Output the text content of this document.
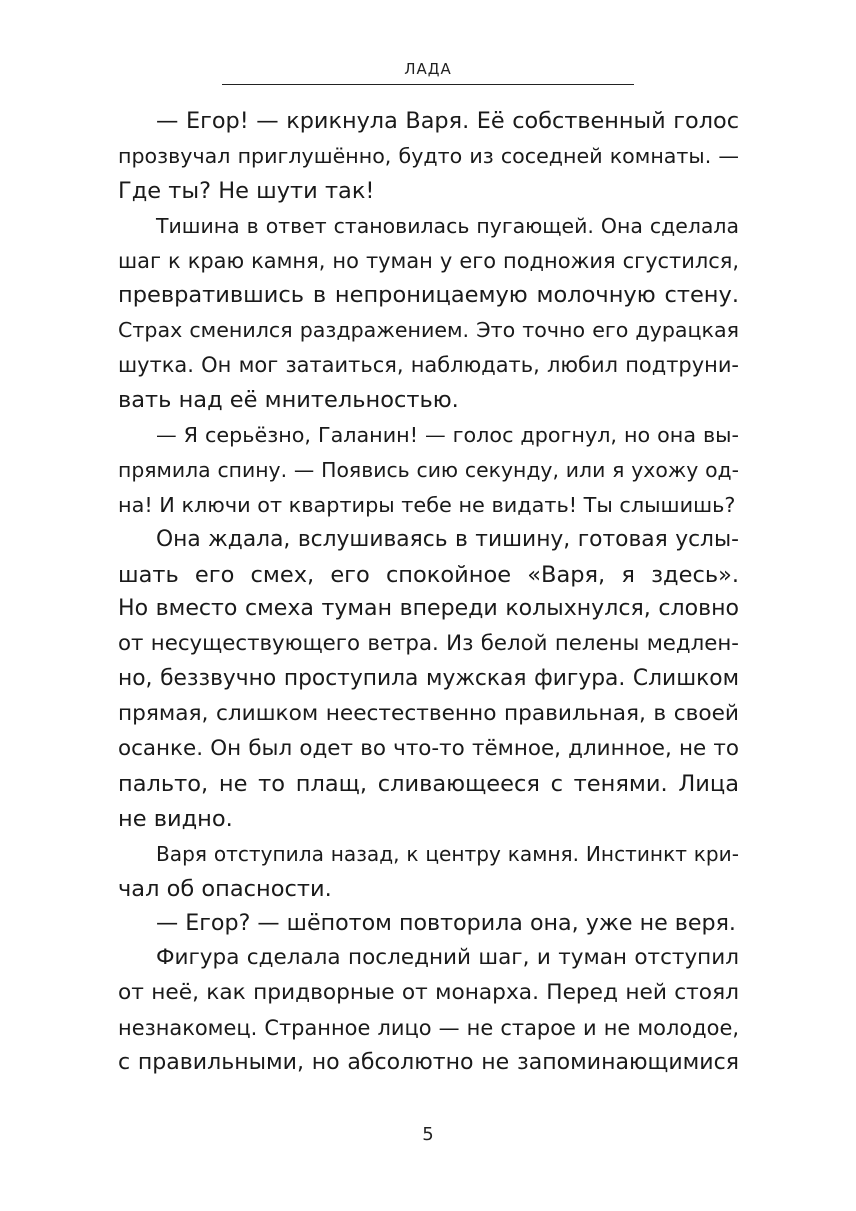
ЛАДА

— Егор! — крикнула Варя. Её собственный голос
прозвучал приглушённо, будто из соседней комнаты. —
Где ты? Не шути так!

Тишина в ответ становилась пугающей. Она сделала
шаг к краю камня, но туман у его подножия сгустился,
превратившись в непроницаемую молочную стену.
Страх сменился раздражением. Это точно его дурацкая
шутка. Он мог затаиться, наблюдать, любил подтруни-
вать над её мнительностью.

— Я серьёзно, Галанин! — голос дрогнул, но она вы-
прямила спину. — Появись сию секунду, или я ухожу од-
на! И ключи от квартиры тебе не видать! Ты слышишь?

Она ждала, вслушиваясь в тишину, готовая услы-
шать его смех, его спокойное «Варя, я здесь».
Но вместо смеха туман впереди колыхнулся, словно
от несуществующего ветра. Из белой пелены медлен-
но, беззвучно проступила мужская фигура. Слишком
прямая, слишком неестественно правильная, в своей
осанке. Он был одет во что-то тёмное, длинное, не то
пальто, не то плащ, сливающееся с тенями. Лица
не видно.

Варя отступила назад, к центру камня. Инстинкт кри-
чал об опасности.

— Егор? — шёпотом повторила она, уже не веря.

Фигура сделала последний шаг, и туман отступил
от неё, как придворные от монарха. Перед ней стоял
незнакомец. Странное лицо — не старое и не молодое,
с правильными, но абсолютно не запоминающимися

5
